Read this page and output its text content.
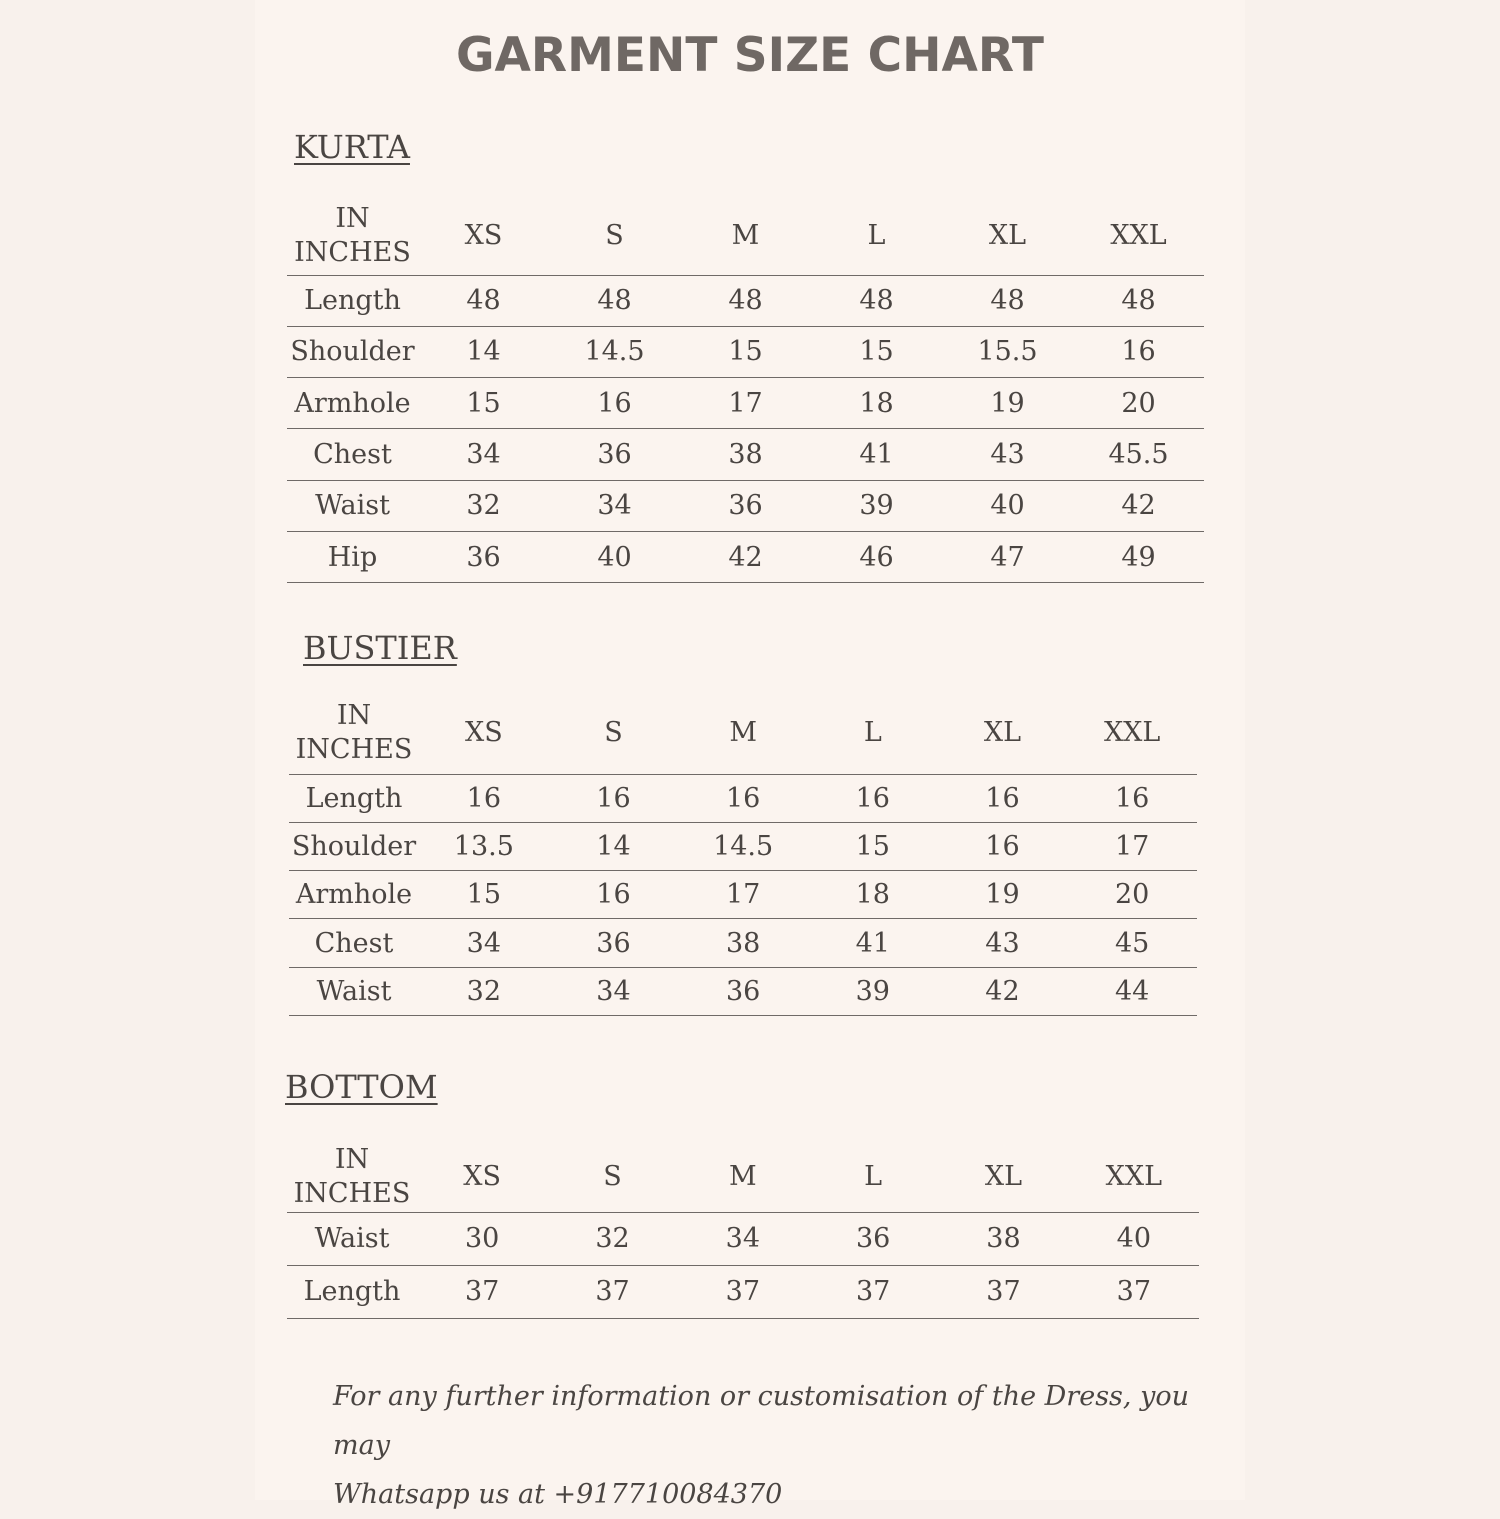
GARMENT SIZE CHART
KURTA
IN
INCHES	XS	S	M	L	XL	XXL
Length	48	48	48	48	48	48
Shoulder	14	14.5	15	15	15.5	16
Armhole	15	16	17	18	19	20
Chest	34	36	38	41	43	45.5
Waist	32	34	36	39	40	42
Hip	36	40	42	46	47	49
BUSTIER
IN
INCHES	XS	S	M	L	XL	XXL
Length	16	16	16	16	16	16
Shoulder	13.5	14	14.5	15	16	17
Armhole	15	16	17	18	19	20
Chest	34	36	38	41	43	45
Waist	32	34	36	39	42	44
BOTTOM
IN
INCHES	XS	S	M	L	XL	XXL
Waist	30	32	34	36	38	40
Length	37	37	37	37	37	37

For any further information or customisation of the Dress, you may
Whatsapp us at +917710084370
